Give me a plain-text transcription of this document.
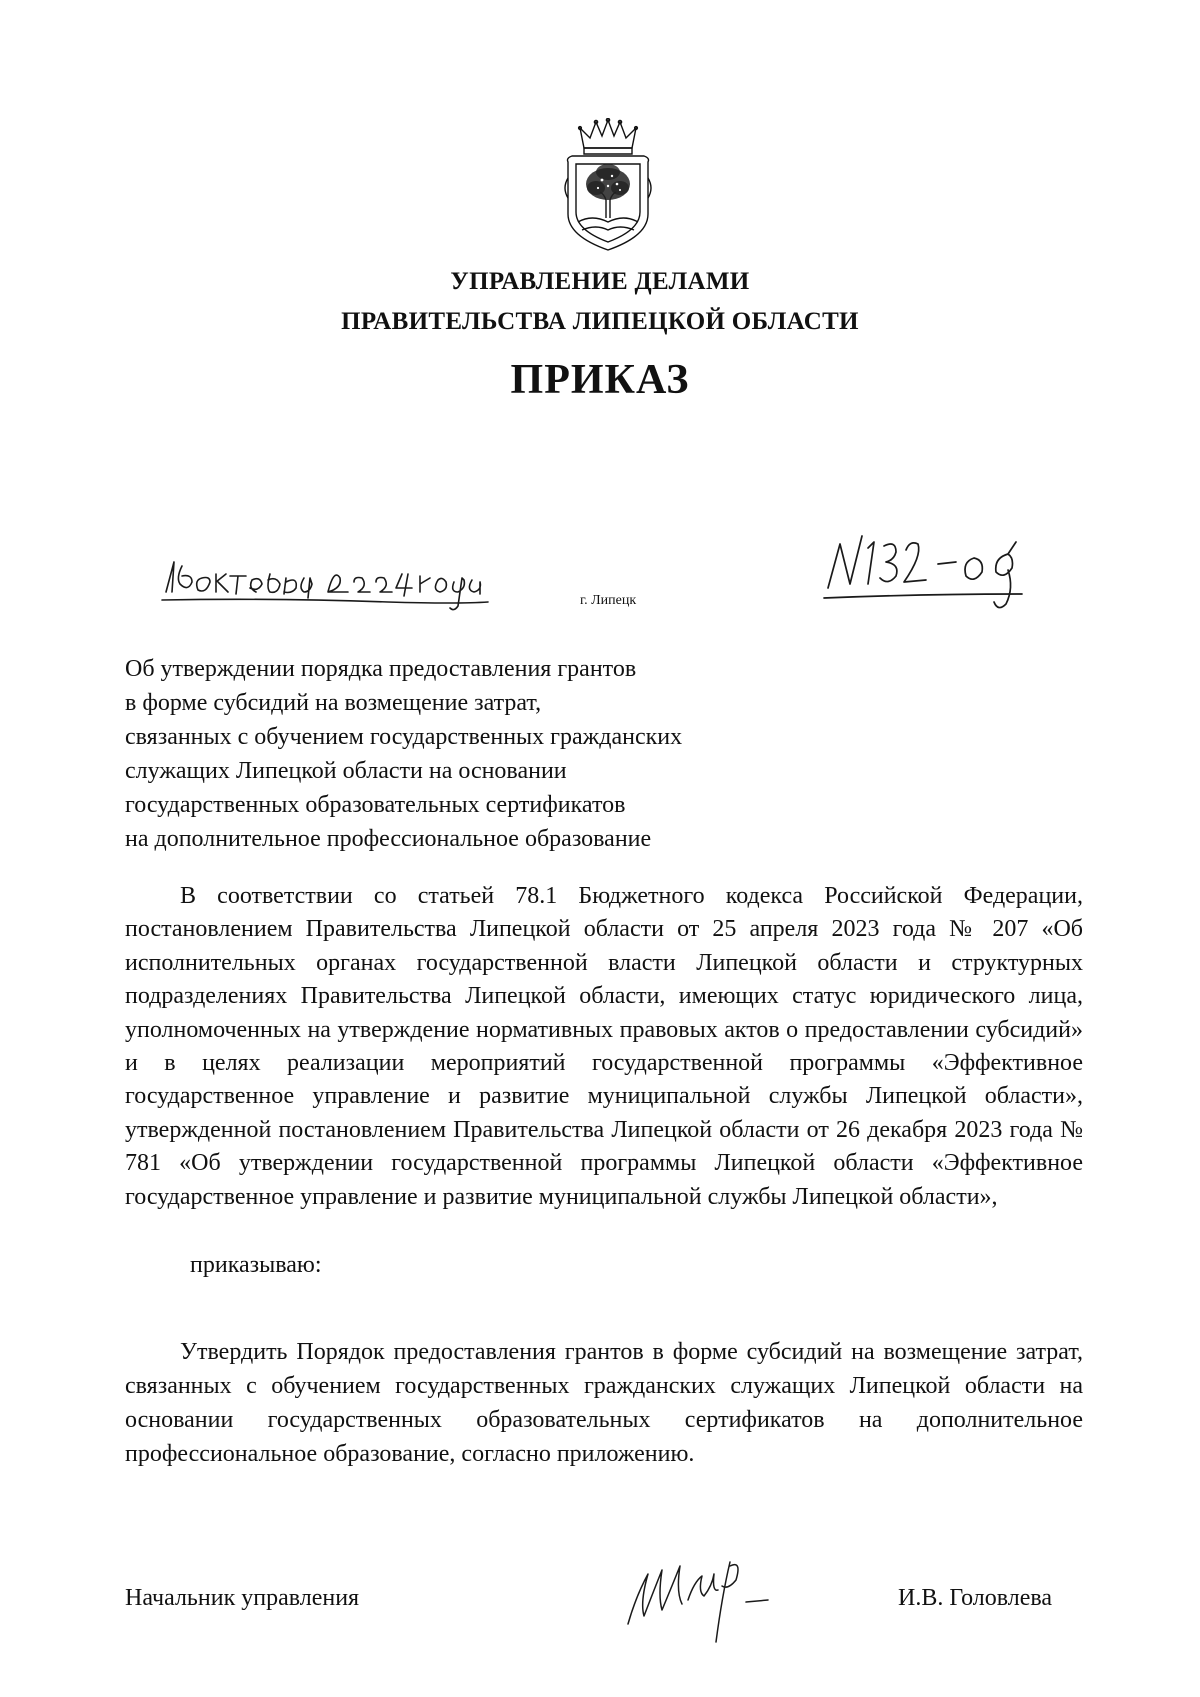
УПРАВЛЕНИЕ ДЕЛАМИ
ПРАВИТЕЛЬСТВА ЛИПЕЦКОЙ ОБЛАСТИ
ПРИКАЗ
г. Липецк
Об утверждении порядка предоставления грантов
в форме субсидий на возмещение затрат,
связанных с обучением государственных гражданских
служащих Липецкой области на основании
государственных образовательных сертификатов
на дополнительное профессиональное образование
В соответствии со статьей 78.1 Бюджетного кодекса Российской Федерации, постановлением Правительства Липецкой области от 25 апреля 2023 года № 207 «Об исполнительных органах государственной власти Липецкой области и структурных подразделениях Правительства Липецкой области, имеющих статус юридического лица, уполномоченных на утверждение нормативных правовых актов о предоставлении субсидий» и в целях реализации мероприятий государственной программы «Эффективное государственное управление и развитие муниципальной службы Липецкой области», утвержденной постановлением Правительства Липецкой области от 26 декабря 2023 года № 781 «Об утверждении государственной программы Липецкой области «Эффективное государственное управление и развитие муниципальной службы Липецкой области»,
приказываю:
Утвердить Порядок предоставления грантов в форме субсидий на возмещение затрат, связанных с обучением государственных гражданских служащих Липецкой области на основании государственных образовательных сертификатов на дополнительное профессиональное образование, согласно приложению.
Начальник управления	И.В. Головлева
